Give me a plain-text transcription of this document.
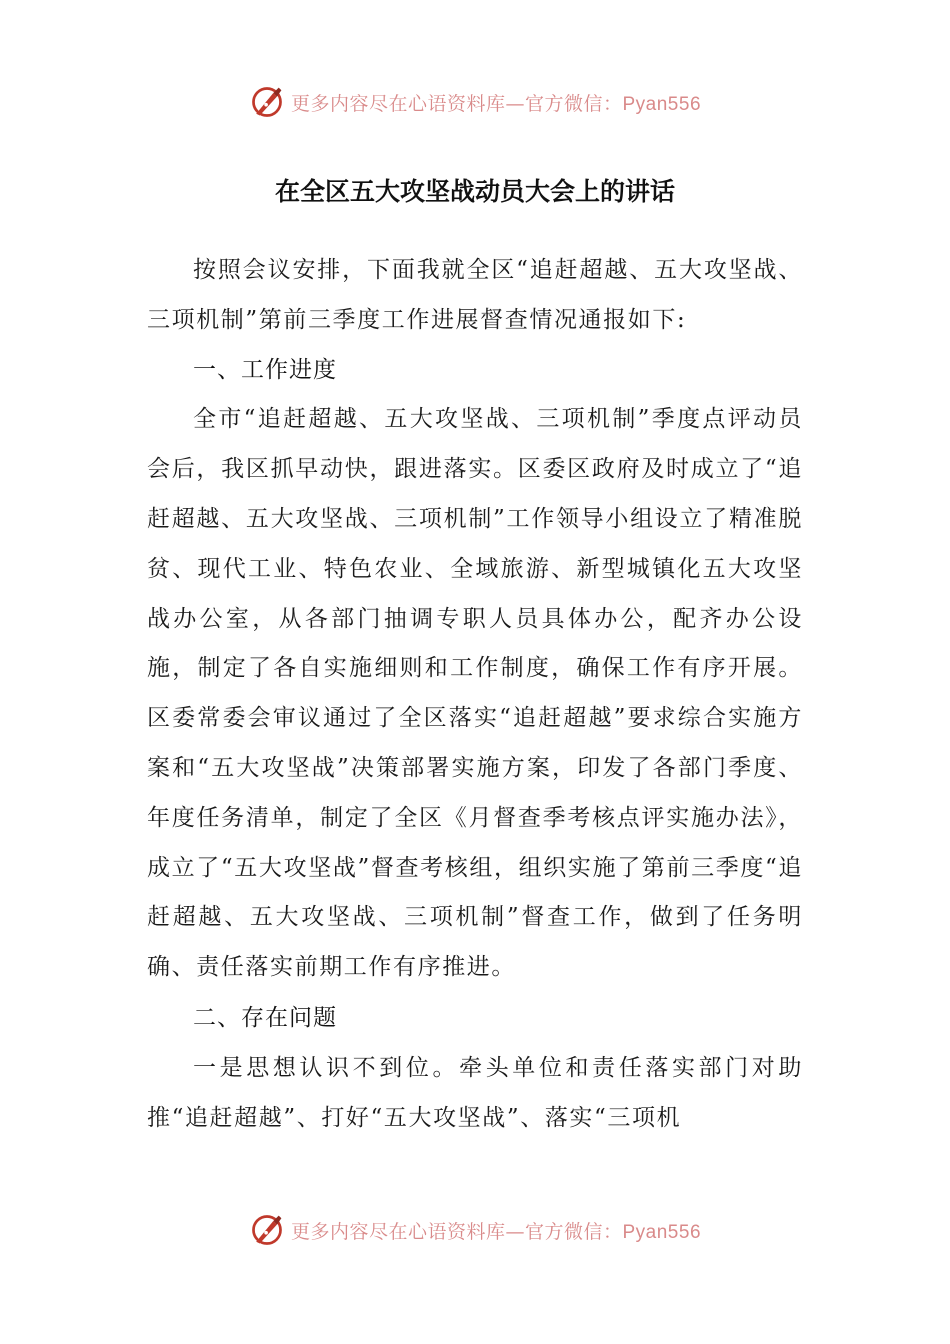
更多内容尽在心语资料库—官方微信：Pyan556
在全区五大攻坚战动员大会上的讲话

按照会议安排，下面我就全区“追赶超越、五大攻坚战、三项机制”第前三季度工作进展督查情况通报如下:

一、工作进度

全市“追赶超越、五大攻坚战、三项机制”季度点评动员会后，我区抓早动快，跟进落实。区委区政府及时成立了“追赶超越、五大攻坚战、三项机制”工作领导小组设立了精准脱贫、现代工业、特色农业、全域旅游、新型城镇化五大攻坚战办公室，从各部门抽调专职人员具体办公，配齐办公设施，制定了各自实施细则和工作制度，确保工作有序开展。区委常委会审议通过了全区落实“追赶超越”要求综合实施方案和“五大攻坚战”决策部署实施方案，印发了各部门季度、年度任务清单，制定了全区《月督查季考核点评实施办法》，成立了“五大攻坚战”督查考核组，组织实施了第前三季度“追赶超越、五大攻坚战、三项机制”督查工作，做到了任务明确、责任落实前期工作有序推进。

二、存在问题

一是思想认识不到位。牵头单位和责任落实部门对助推“追赶超越”、打好“五大攻坚战”、落实“三项机

更多内容尽在心语资料库—官方微信：Pyan556
